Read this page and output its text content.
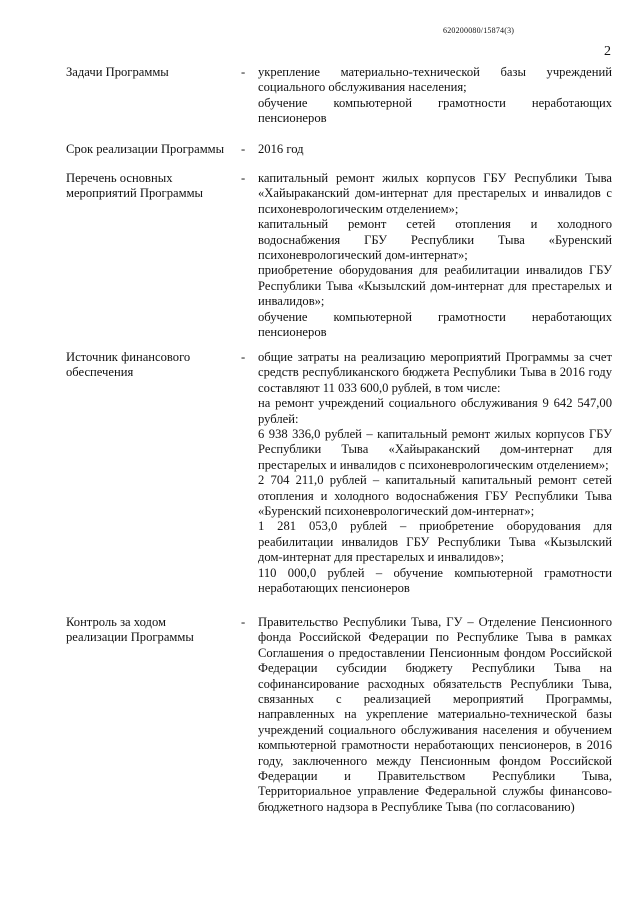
620200080/15874(3)
2
Задачи Программы	- укрепление материально-технической базы учреждений социального обслуживания населения;
обучение компьютерной грамотности неработающих пенсионеров
Срок реализации Программы - 2016 год
Перечень основных мероприятий Программы
- капитальный ремонт жилых корпусов ГБУ Республики Тыва «Хайыраканский дом-интернат для престарелых и инвалидов с психоневрологическим отделением»;
капитальный ремонт сетей отопления и холодного водоснабжения ГБУ Республики Тыва «Буренский психоневрологический дом-интернат»;
приобретение оборудования для реабилитации инвалидов ГБУ Республики Тыва «Кызылский дом-интернат для престарелых и инвалидов»;
обучение компьютерной грамотности неработающих пенсионеров
Источник финансового обеспечения
- общие затраты на реализацию мероприятий Программы за счет средств республиканского бюджета Республики Тыва в 2016 году составляют 11 033 600,0 рублей, в том числе:
на ремонт учреждений социального обслуживания 9 642 547,00 рублей:
6 938 336,0 рублей – капитальный ремонт жилых корпусов ГБУ Республики Тыва «Хайыраканский дом-интернат для престарелых и инвалидов с психоневрологическим отделением»;
2 704 211,0 рублей – капитальный капитальный ремонт сетей отопления и холодного водоснабжения ГБУ Республики Тыва «Буренский психоневрологический дом-интернат»;
1 281 053,0 рублей – приобретение оборудования для реабилитации инвалидов ГБУ Республики Тыва «Кызылский дом-интернат для престарелых и инвалидов»;
110 000,0 рублей – обучение компьютерной грамотности неработающих пенсионеров
Контроль за ходом реализации Программы
- Правительство Республики Тыва, ГУ – Отделение Пенсионного фонда Российской Федерации по Республике Тыва в рамках Соглашения о предоставлении Пенсионным фондом Российской Федерации субсидии бюджету Республики Тыва на софинансирование расходных обязательств Республики Тыва, связанных с реализацией мероприятий Программы, направленных на укрепление материально-технической базы учреждений социального обслуживания населения и обучением компьютерной грамотности неработающих пенсионеров, в 2016 году, заключенного между Пенсионным фондом Российской Федерации и Правительством Республики Тыва, Территориальное управление Федеральной службы финансово-бюджетного надзора в Республике Тыва (по согласованию)
